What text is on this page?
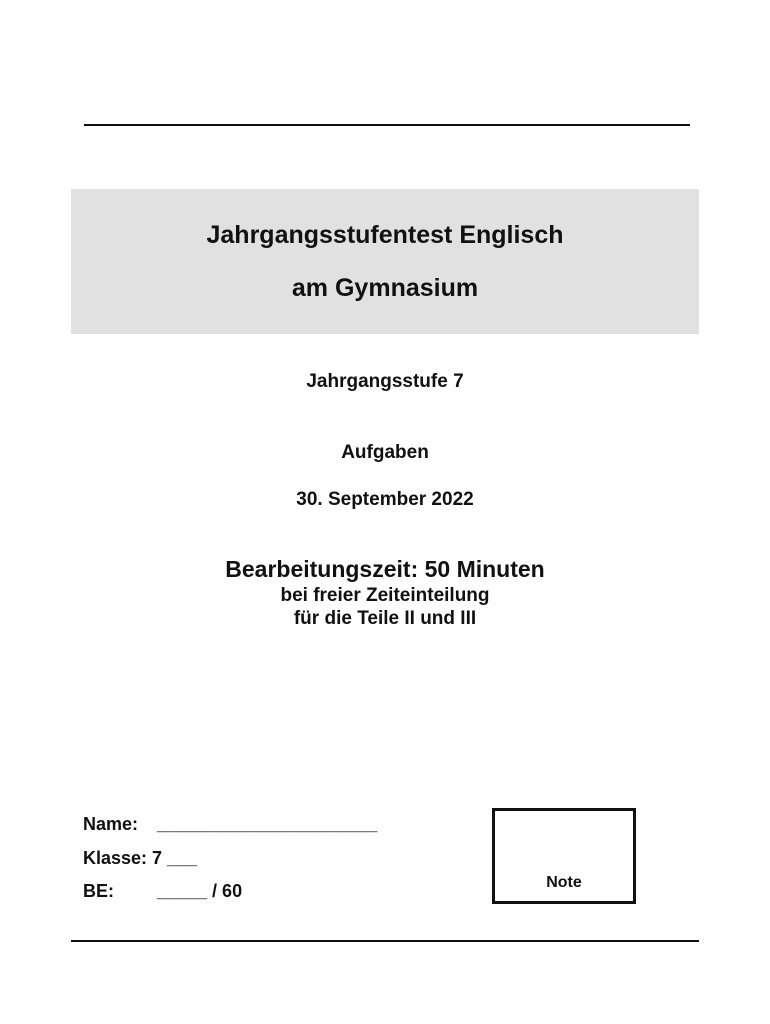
Jahrgangsstufentest Englisch
am Gymnasium
Jahrgangsstufe 7
Aufgaben
30. September 2022
Bearbeitungszeit: 50 Minuten
bei freier Zeiteinteilung
für die Teile II und III
Name: ______________________
Klasse: 7 ___
BE: _____ / 60	Note
